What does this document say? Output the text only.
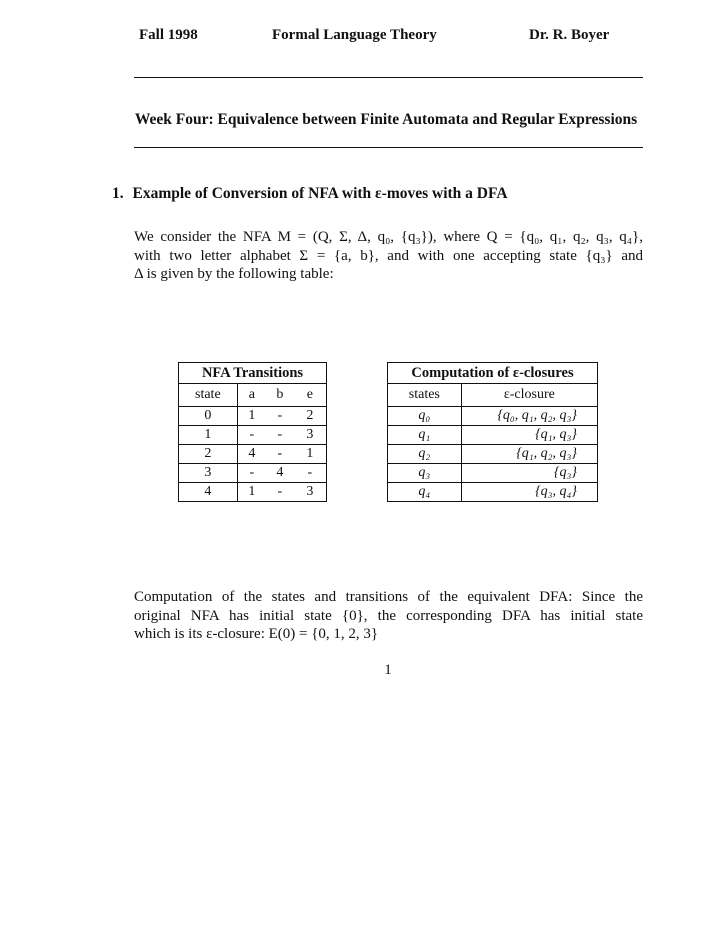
Fall 1998	Formal Language Theory	Dr. R. Boyer
Week Four: Equivalence between Finite Automata and Regular Expressions
1. Example of Conversion of NFA with ε-moves with a DFA
We consider the NFA M = (Q, Σ, Δ, q₀, {q₃}), where Q = {q₀, q₁, q₂, q₃, q₄},
with two letter alphabet Σ = {a, b}, and with one accepting state {q₃} and
Δ is given by the following table:
NFA Transitions			
state	a	b	e
0	1	-	2
1	-	-	3
2	4	-	1
3	-	4	-
4	1	-	3
Computation of ε-closures	
states	ε-closure
q₀	{q₀, q₁, q₂, q₃}
q₁	{q₁, q₃}
q₂	{q₁, q₂, q₃}
q₃	{q₃}
q₄	{q₃, q₄}
Computation of the states and transitions of the equivalent DFA: Since the
original NFA has initial state {0}, the corresponding DFA has initial state
which is its ε-closure: E(0) = {0, 1, 2, 3}
1
